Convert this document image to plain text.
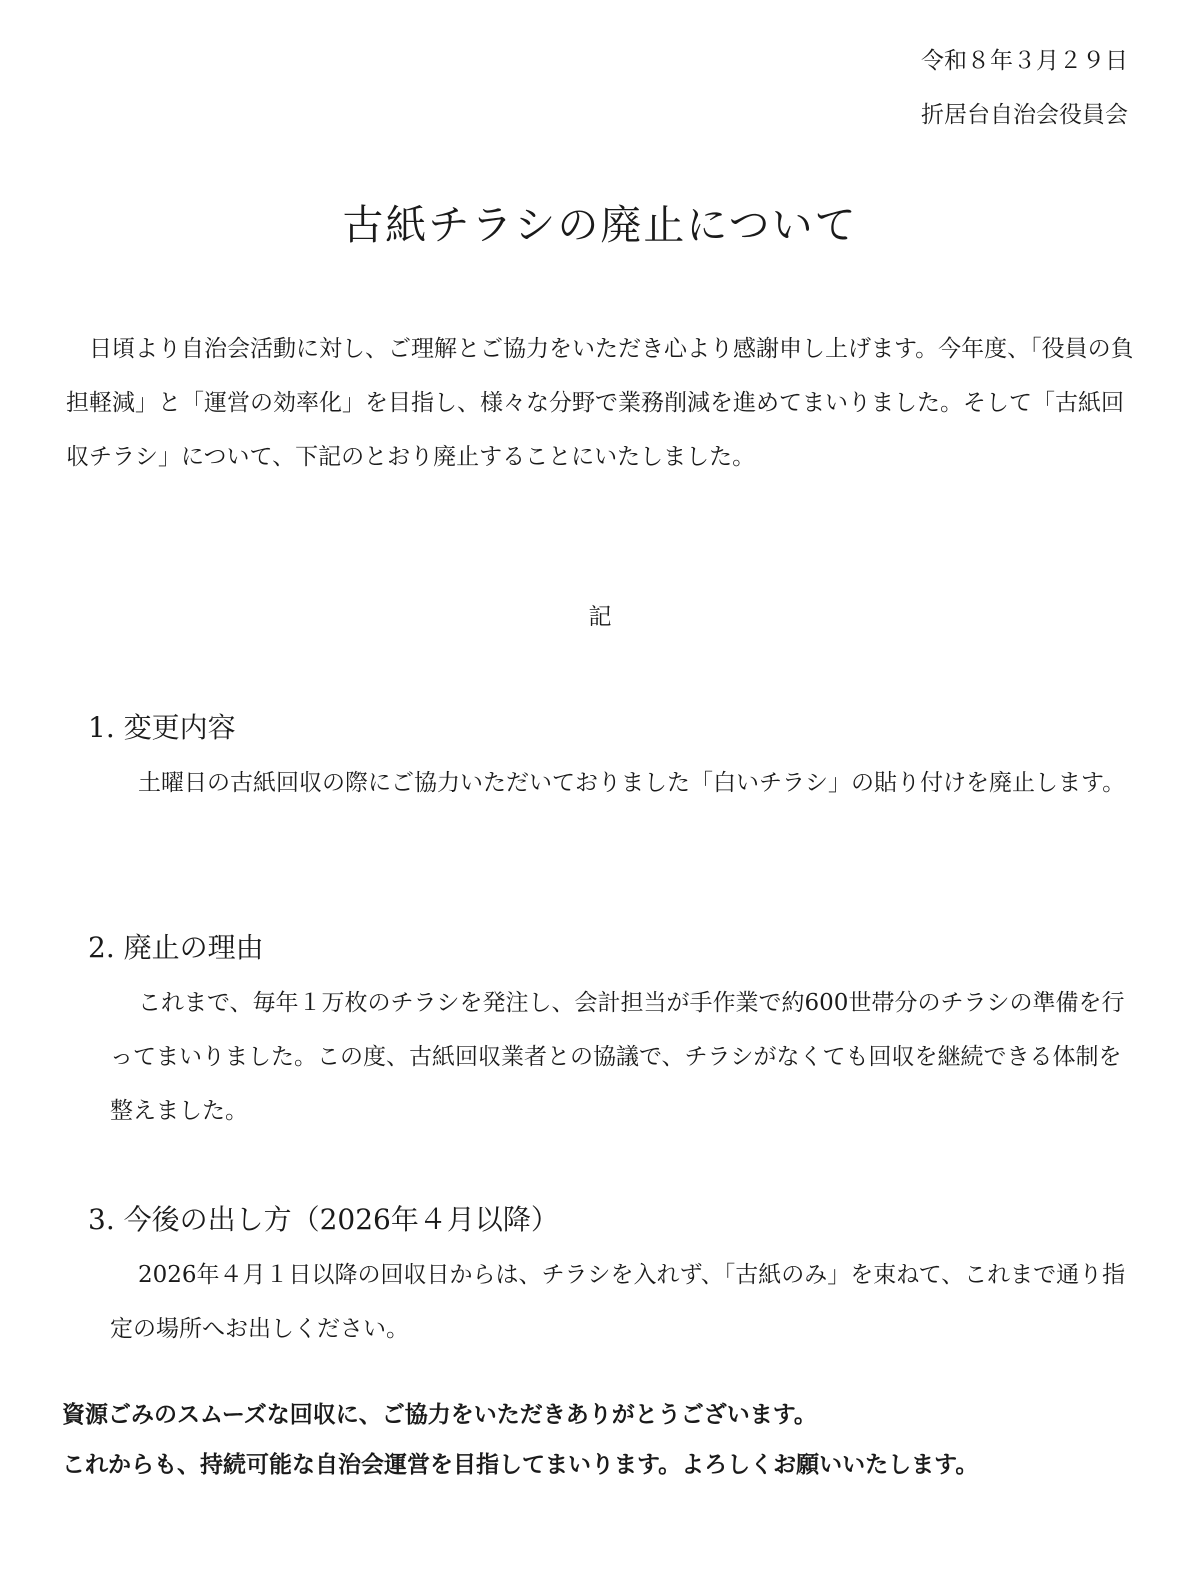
令和８年３月２９日
折居台自治会役員会
古紙チラシの廃止について

日頃より自治会活動に対し、ご理解とご協力をいただき心より感謝申し上げます。今年度、「役員の負担軽減」と「運営の効率化」を目指し、様々な分野で業務削減を進めてまいりました。そして「古紙回収チラシ」について、下記のとおり廃止することにいたしました。

記
1. 変更内容

土曜日の古紙回収の際にご協力いただいておりました「白いチラシ」の貼り付けを廃止します。

2. 廃止の理由

これまで、毎年１万枚のチラシを発注し、会計担当が手作業で約600世帯分のチラシの準備を行ってまいりました。この度、古紙回収業者との協議で、チラシがなくても回収を継続できる体制を整えました。

3. 今後の出し方（2026年４月以降）

2026年４月１日以降の回収日からは、チラシを入れず、「古紙のみ」を束ねて、これまで通り指定の場所へお出しください。

資源ごみのスムーズな回収に、ご協力をいただきありがとうございます。

これからも、持続可能な自治会運営を目指してまいります。よろしくお願いいたします。
